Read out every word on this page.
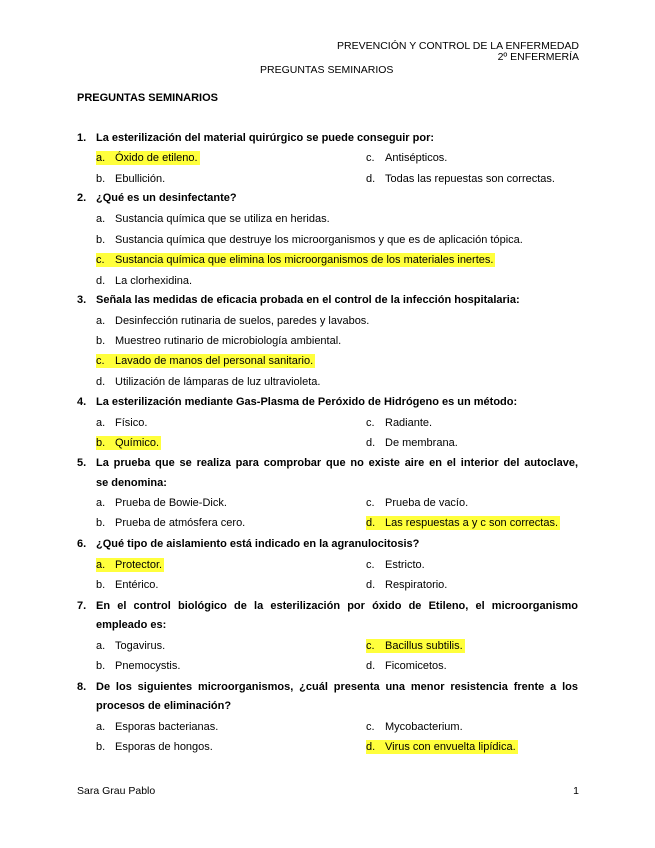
PREVENCIÓN Y CONTROL DE LA ENFERMEDAD
2º ENFERMERÍA
PREGUNTAS SEMINARIOS
PREGUNTAS SEMINARIOS
1. La esterilización del material quirúrgico se puede conseguir por:
a. Óxido de etileno.
b. Ebullición.
c. Antisépticos.
d. Todas las repuestas son correctas.
2. ¿Qué es un desinfectante?
a. Sustancia química que se utiliza en heridas.
b. Sustancia química que destruye los microorganismos y que es de aplicación tópica.
c. Sustancia química que elimina los microorganismos de los materiales inertes.
d. La clorhexidina.
3. Señala las medidas de eficacia probada en el control de la infección hospitalaria:
a. Desinfección rutinaria de suelos, paredes y lavabos.
b. Muestreo rutinario de microbiología ambiental.
c. Lavado de manos del personal sanitario.
d. Utilización de lámparas de luz ultravioleta.
4. La esterilización mediante Gas-Plasma de Peróxido de Hidrógeno es un método:
a. Físico.
b. Químico.
c. Radiante.
d. De membrana.
5. La prueba que se realiza para comprobar que no existe aire en el interior del autoclave,
se denomina:
a. Prueba de Bowie-Dick.
b. Prueba de atmósfera cero.
c. Prueba de vacío.
d. Las respuestas a y c son correctas.
6. ¿Qué tipo de aislamiento está indicado en la agranulocitosis?
a. Protector.
b. Entérico.
c. Estricto.
d. Respiratorio.
7. En el control biológico de la esterilización por óxido de Etileno, el microorganismo
empleado es:
a. Togavirus.
b. Pnemocystis.
c. Bacillus subtilis.
d. Ficomicetos.
8. De los siguientes microorganismos, ¿cuál presenta una menor resistencia frente a los
procesos de eliminación?
a. Esporas bacterianas.
b. Esporas de hongos.
c. Mycobacterium.
d. Virus con envuelta lipídica.
Sara Grau Pablo	1
